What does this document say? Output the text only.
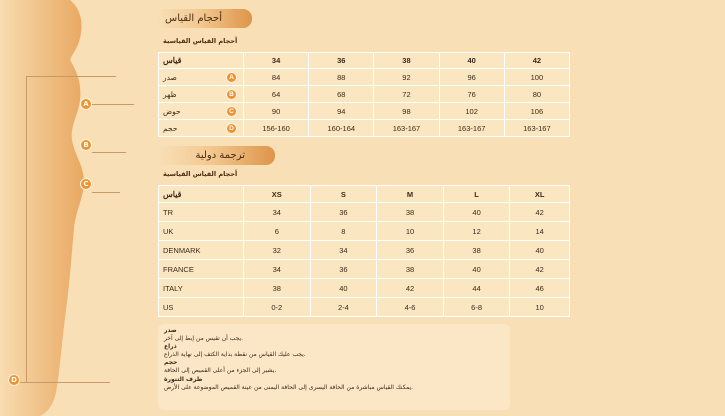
A
B
C
D
أحجام القياس
أحجام القياس القياسية
قياس	34	36	38	40	42

صدر A	84	88	92	96	100

ظهر B	64	68	72	76	80

حوض C	90	94	98	102	106

حجم D	156-160	160-164	163-167	163-167	163-167
ترجمة دولية
أحجام القياس القياسية
قياس	XS	S	M	L	XL
TR	34	36	38	40	42
UK	6	8	10	12	14
DENMARK	32	34	36	38	40
FRANCE	34	36	38	40	42
ITALY	38	40	42	44	46
US	0-2	2-4	4-6	6-8	10
صدر
يجب أن تقيس من إبط إلى آخر.
ذراع
يجب عليك القياس من نقطة بداية الكتف إلى نهاية الذراع.
حجم
يشير إلى الجزء من أعلى القميص إلى الحافة.
طرف التنورة
يمكنك القياس مباشرة من الحافة اليسرى إلى الحافة اليمنى من عينة القميص الموضوعة على الأرض.
